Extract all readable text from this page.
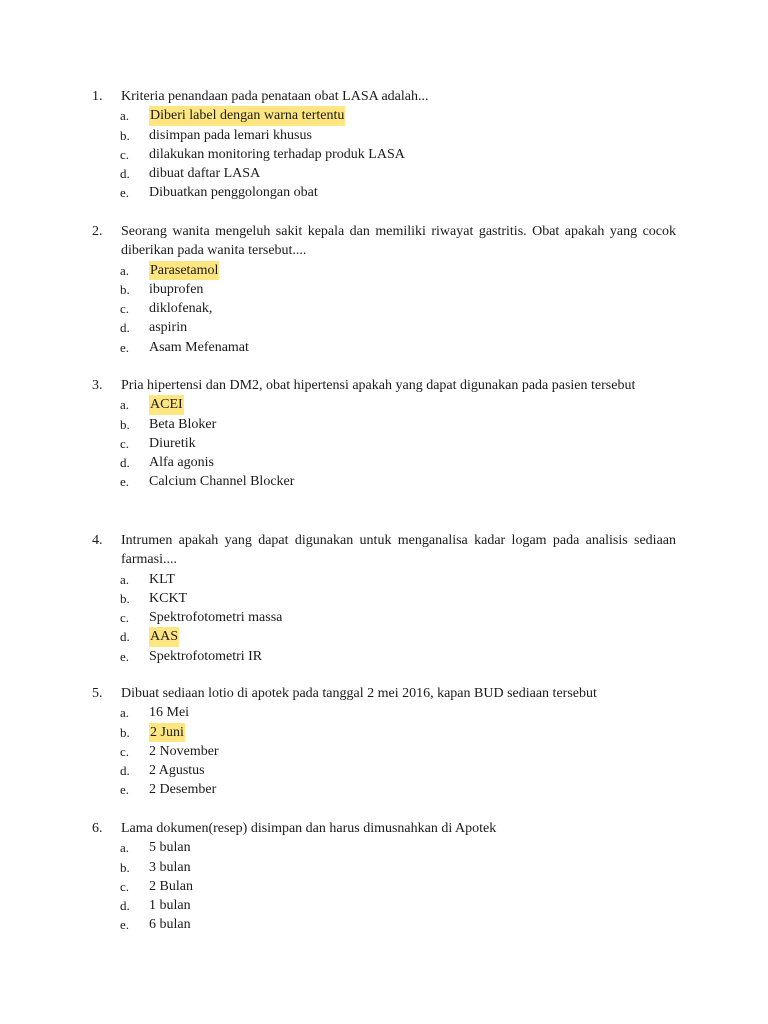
1.	Kriteria penandaan pada penataan obat LASA adalah...
a.	Diberi label dengan warna tertentu
b.	disimpan pada lemari khusus
c.	dilakukan monitoring terhadap produk LASA
d.	dibuat daftar LASA
e.	Dibuatkan penggolongan obat
2.	Seorang wanita mengeluh sakit kepala dan memiliki riwayat gastritis. Obat apakah yang cocok diberikan pada wanita tersebut....
a.	Parasetamol
b.	ibuprofen
c.	diklofenak,
d.	aspirin
e.	Asam Mefenamat
3.	Pria hipertensi dan DM2, obat hipertensi apakah yang dapat digunakan pada pasien tersebut
a.	ACEI
b.	Beta Bloker
c.	Diuretik
d.	Alfa agonis
e.	Calcium Channel Blocker
4.	Intrumen apakah yang dapat digunakan untuk menganalisa kadar logam pada analisis sediaan farmasi....
a.	KLT
b.	KCKT
c.	Spektrofotometri massa
d.	AAS
e.	Spektrofotometri IR
5.	Dibuat sediaan lotio di apotek pada tanggal 2 mei 2016, kapan BUD sediaan tersebut
a.	16 Mei
b.	2 Juni
c.	2 November
d.	2 Agustus
e.	2 Desember
6.	Lama dokumen(resep) disimpan dan harus dimusnahkan di Apotek
a.	5 bulan
b.	3 bulan
c.	2 Bulan
d.	1 bulan
e.	6 bulan
